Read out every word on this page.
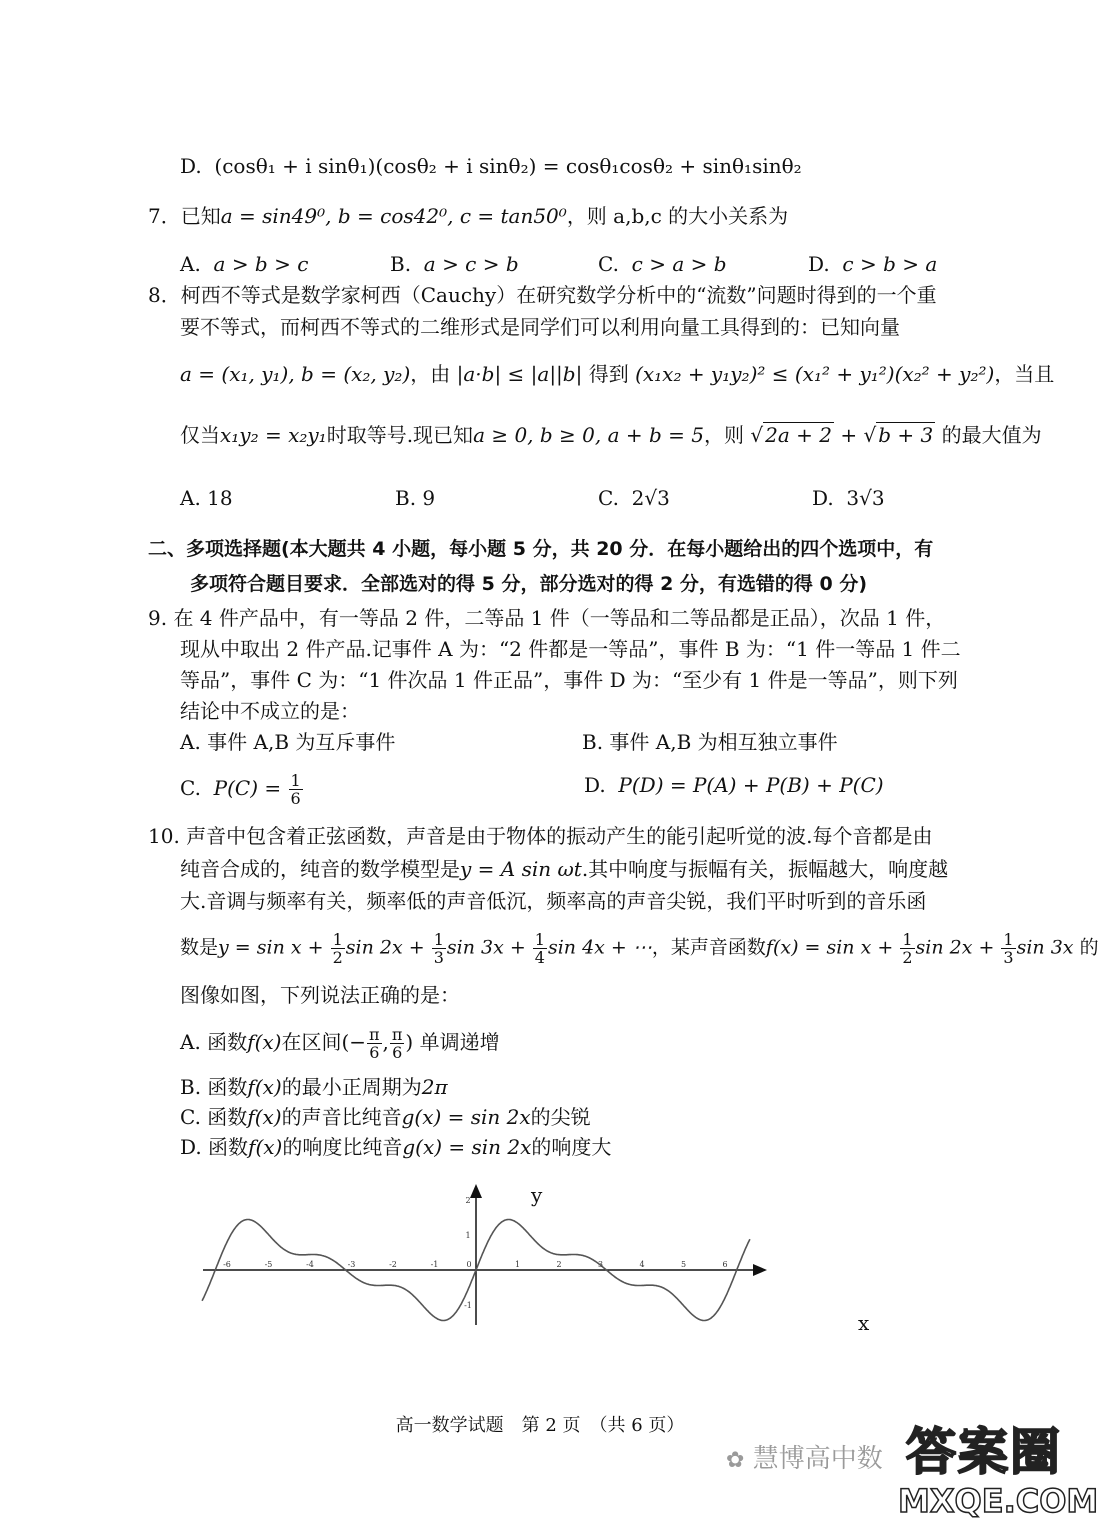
D. (cosθ₁ + i sinθ₁)(cosθ₂ + i sinθ₂) = cosθ₁cosθ₂ + sinθ₁sinθ₂
7．已知a = sin49⁰, b = cos42⁰, c = tan50⁰，则 a,b,c 的大小关系为
A. a > b > c	B. a > c > b	C. c > a > b	D. c > b > a
8．柯西不等式是数学家柯西（Cauchy）在研究数学分析中的“流数”问题时得到的一个重
要不等式，而柯西不等式的二维形式是同学们可以利用向量工具得到的：已知向量
a = (x₁, y₁), b = (x₂, y₂)，由 |a·b| ≤ |a||b| 得到 (x₁x₂ + y₁y₂)² ≤ (x₁² + y₁²)(x₂² + y₂²)，当且
仅当x₁y₂ = x₂y₁时取等号.现已知a ≥ 0, b ≥ 0, a + b = 5，则 √ 2a + 2 + √ b + 3 的最大值为
A. 18	B. 9	C. 2√3	D. 3√3
二、多项选择题(本大题共 4 小题，每小题 5 分，共 20 分．在每小题给出的四个选项中，有
多项符合题目要求．全部选对的得 5 分，部分选对的得 2 分，有选错的得 0 分)
9. 在 4 件产品中，有一等品 2 件，二等品 1 件（一等品和二等品都是正品），次品 1 件，
现从中取出 2 件产品.记事件 A 为：“2 件都是一等品”，事件 B 为：“1 件一等品 1 件二
等品”，事件 C 为：“1 件次品 1 件正品”，事件 D 为：“至少有 1 件是一等品”，则下列
结论中不成立的是：
A. 事件 A,B 为互斥事件	B. 事件 A,B 为相互独立事件
C. $P(C) = \frac{1}{6}$	D. P(D) = P(A) + P(B) + P(C)
10. 声音中包含着正弦函数，声音是由于物体的振动产生的能引起听觉的波.每个音都是由
纯音合成的，纯音的数学模型是y = A sin ωt.其中响度与振幅有关，振幅越大，响度越
大.音调与频率有关，频率低的声音低沉，频率高的声音尖锐，我们平时听到的音乐函
数是$y = \sin x + \frac{1}{2}$ $\sin 2x + \frac{1}{3}$ $\sin 3x + \frac{1}{4}$ sin 4x + ⋯，某声音函数$f(x) = \sin x + \frac{1}{2}$ $\sin 2x + \frac{1}{3}$ sin 3x 的
图像如图，下列说法正确的是：
A. 函数f(x)在区间(− $\frac{\pi}{6}$ , $\frac{\pi}{6}$ ) 单调递增
B. 函数f(x)的最小正周期为2π
C. 函数f(x)的声音比纯音g(x) = sin 2x的尖锐
D. 函数f(x)的响度比纯音g(x) = sin 2x的响度大
-6	-5	-4	-3	-2	-1	0	1	2	3	4	5	6
2
1
-1
y
x
高一数学试题　第 2 页　（共 6 页）
✿ 慧博高中数 答案圈
MXQE.COM
